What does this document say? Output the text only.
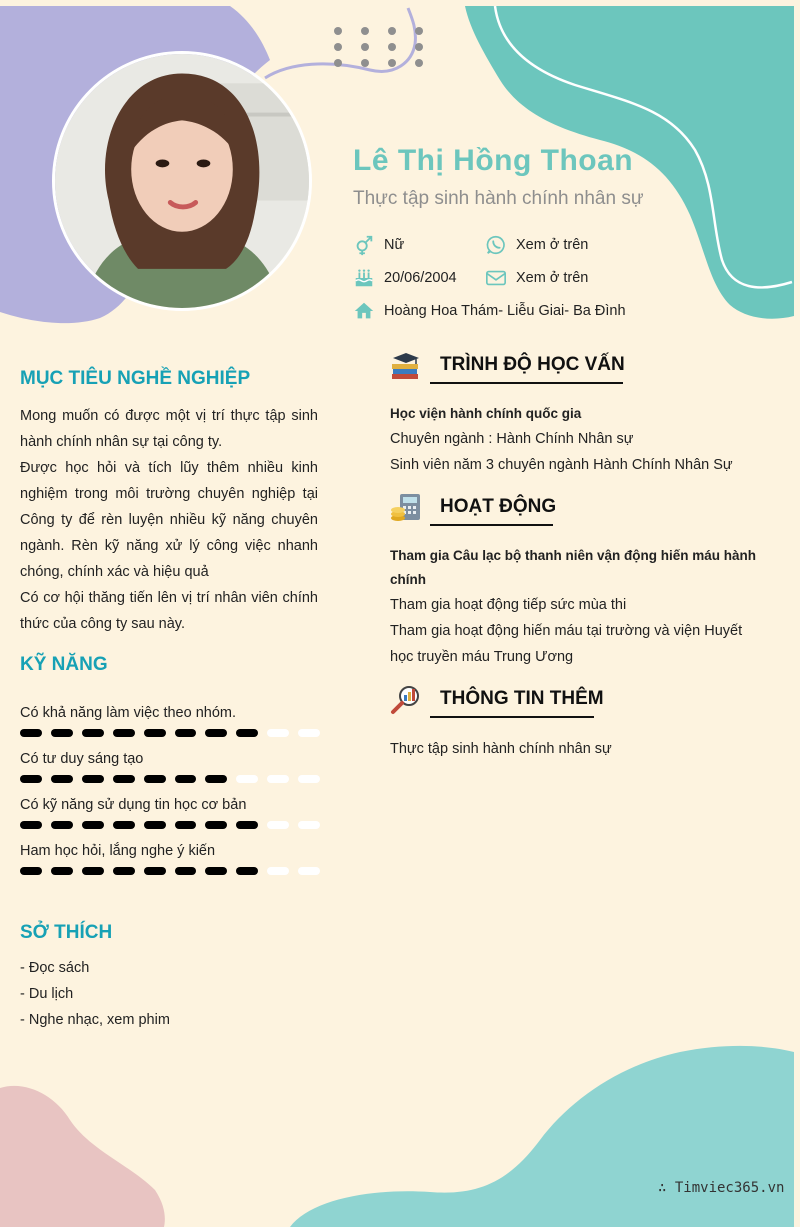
Lê Thị Hồng Thoan
Thực tập sinh hành chính nhân sự
Nữ	Xem ở trên
20/06/2004	Xem ở trên
Hoàng Hoa Thám- Liễu Giai- Ba Đình
MỤC TIÊU NGHỀ NGHIỆP

Mong muốn có được một vị trí thực tập sinh hành chính nhân sự tại công ty.

Được học hỏi và tích lũy thêm nhiều kinh nghiệm trong môi trường chuyên nghiệp tại Công ty để rèn luyện nhiều kỹ năng chuyên ngành. Rèn kỹ năng xử lý công việc nhanh chóng, chính xác và hiệu quả

Có cơ hội thăng tiến lên vị trí nhân viên chính thức của công ty sau này.

KỸ NĂNG
Có khả năng làm việc theo nhóm.
Có tư duy sáng tạo
Có kỹ năng sử dụng tin học cơ bản
Ham học hỏi, lắng nghe ý kiến
SỞ THÍCH
- Đọc sách
- Du lịch
- Nghe nhạc, xem phim
TRÌNH ĐỘ HỌC VẤN
Học viện hành chính quốc gia
Chuyên ngành : Hành Chính Nhân sự
Sinh viên năm 3 chuyên ngành Hành Chính Nhân Sự
HOẠT ĐỘNG
Tham gia Câu lạc bộ thanh niên vận động hiến máu hành chính
Tham gia hoạt động tiếp sức mùa thi
Tham gia hoạt động hiến máu tại trường và viện Huyết học truyền máu Trung Ương
THÔNG TIN THÊM
Thực tập sinh hành chính nhân sự
∴ Timviec365.vn
